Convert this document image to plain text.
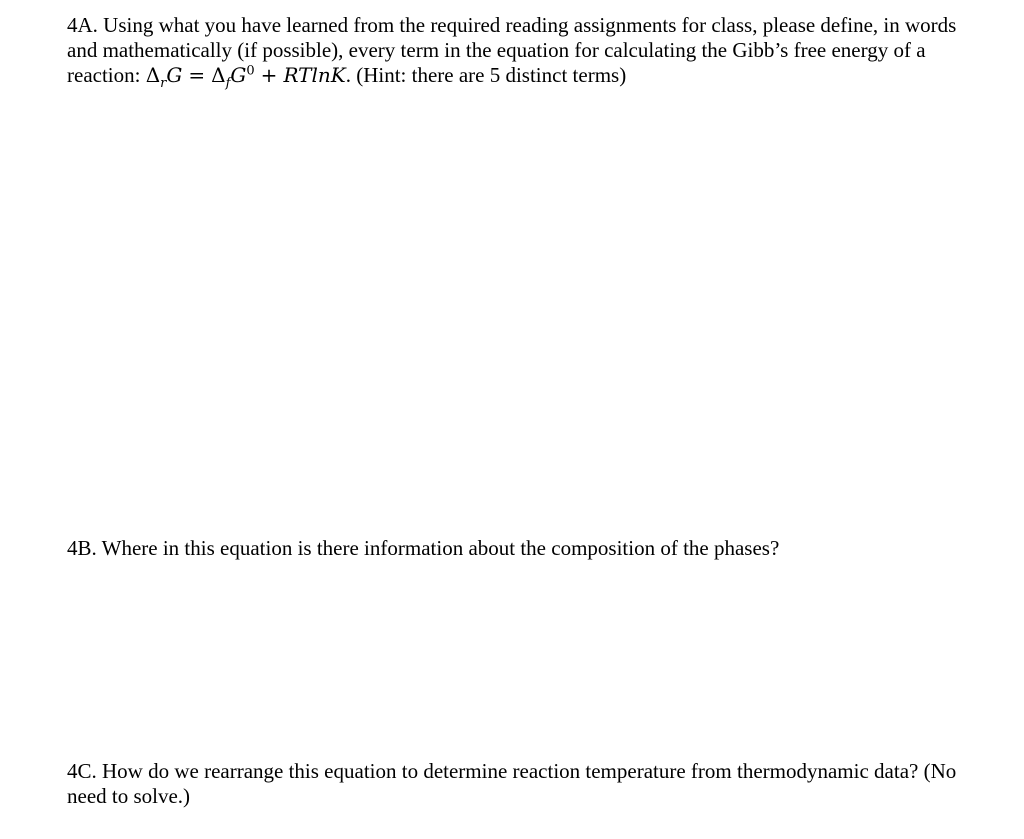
4A. Using what you have learned from the required reading assignments for class, please define, in words and mathematically (if possible), every term in the equation for calculating the Gibb’s free energy of a reaction: $\Delta_rG = \Delta_fG^0 + RTlnK$. (Hint: there are 5 distinct terms)

4B. Where in this equation is there information about the composition of the phases?

4C. How do we rearrange this equation to determine reaction temperature from thermodynamic data? (No need to solve.)
